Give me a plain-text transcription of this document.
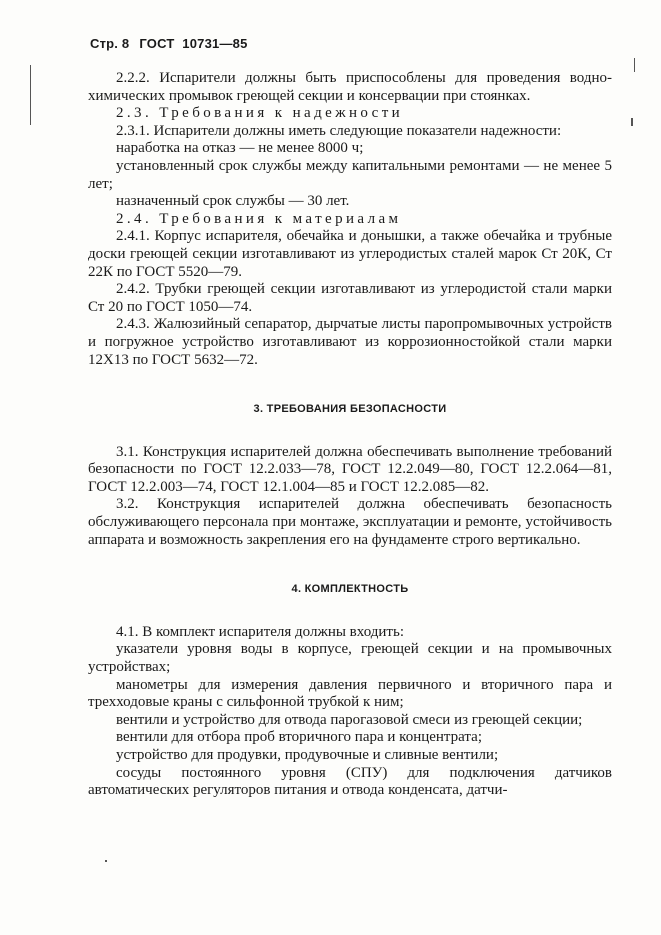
Стр. 8 ГОСТ 10731—85

2.2.2. Испарители должны быть приспособлены для проведения водно-химических промывок греющей секции и консервации при стоянках.

2.3. Требования к надежности

2.3.1. Испарители должны иметь следующие показатели надежности:

наработка на отказ — не менее 8000 ч;

установленный срок службы между капитальными ремонтами — не менее 5 лет;

назначенный срок службы — 30 лет.

2.4. Требования к материалам

2.4.1. Корпус испарителя, обечайка и донышки, а также обечайка и трубные доски греющей секции изготавливают из углеродистых сталей марок Ст 20К, Ст 22К по ГОСТ 5520—79.

2.4.2. Трубки греющей секции изготавливают из углеродистой стали марки Ст 20 по ГОСТ 1050—74.

2.4.3. Жалюзийный сепаратор, дырчатые листы паропромывочных устройств и погружное устройство изготавливают из коррозионностойкой стали марки 12Х13 по ГОСТ 5632—72.

3. ТРЕБОВАНИЯ БЕЗОПАСНОСТИ

3.1. Конструкция испарителей должна обеспечивать выполнение требований безопасности по ГОСТ 12.2.033—78, ГОСТ 12.2.049—80, ГОСТ 12.2.064—81, ГОСТ 12.2.003—74, ГОСТ 12.1.004—85 и ГОСТ 12.2.085—82.

3.2. Конструкция испарителей должна обеспечивать безопасность обслуживающего персонала при монтаже, эксплуатации и ремонте, устойчивость аппарата и возможность закрепления его на фундаменте строго вертикально.

4. КОМПЛЕКТНОСТЬ

4.1. В комплект испарителя должны входить:

указатели уровня воды в корпусе, греющей секции и на промывочных устройствах;

манометры для измерения давления первичного и вторичного пара и трехходовые краны с сильфонной трубкой к ним;

вентили и устройство для отвода парогазовой смеси из греющей секции;

вентили для отбора проб вторичного пара и концентрата;

устройство для продувки, продувочные и сливные вентили;

сосуды постоянного уровня (СПУ) для подключения датчиков автоматических регуляторов питания и отвода конденсата, датчи-
